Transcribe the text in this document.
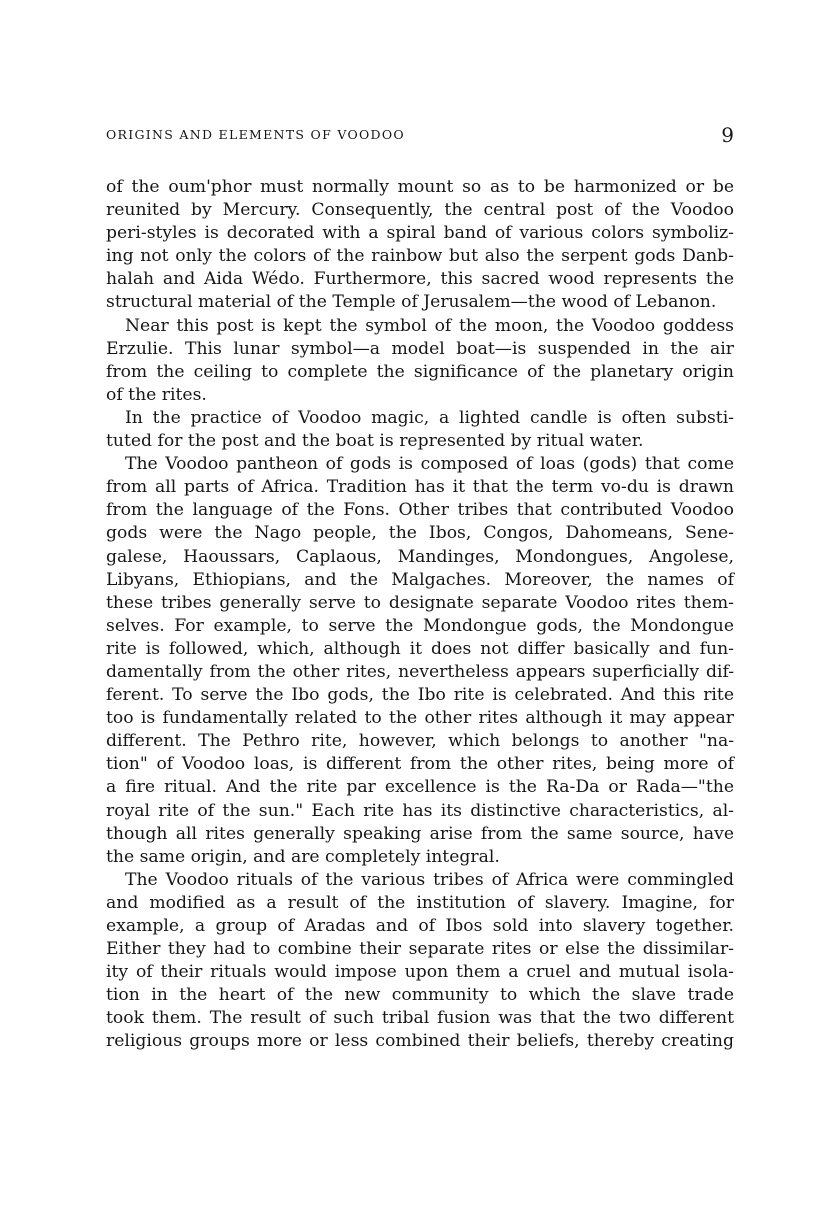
ORIGINS AND ELEMENTS OF VOODOO	9
of the oum'phor must normally mount so as to be harmonized or be
reunited by Mercury. Consequently, the central post of the Voodoo
peri-styles is decorated with a spiral band of various colors symboliz-
ing not only the colors of the rainbow but also the serpent gods Danb-
halah and Aida Wédo. Furthermore, this sacred wood represents the
structural material of the Temple of Jerusalem—the wood of Lebanon.
Near this post is kept the symbol of the moon, the Voodoo goddess
Erzulie. This lunar symbol—a model boat—is suspended in the air
from the ceiling to complete the significance of the planetary origin
of the rites.
In the practice of Voodoo magic, a lighted candle is often substi-
tuted for the post and the boat is represented by ritual water.
The Voodoo pantheon of gods is composed of loas (gods) that come
from all parts of Africa. Tradition has it that the term vo-du is drawn
from the language of the Fons. Other tribes that contributed Voodoo
gods were the Nago people, the Ibos, Congos, Dahomeans, Sene-
galese, Haoussars, Caplaous, Mandinges, Mondongues, Angolese,
Libyans, Ethiopians, and the Malgaches. Moreover, the names of
these tribes generally serve to designate separate Voodoo rites them-
selves. For example, to serve the Mondongue gods, the Mondongue
rite is followed, which, although it does not differ basically and fun-
damentally from the other rites, nevertheless appears superficially dif-
ferent. To serve the Ibo gods, the Ibo rite is celebrated. And this rite
too is fundamentally related to the other rites although it may appear
different. The Pethro rite, however, which belongs to another "na-
tion" of Voodoo loas, is different from the other rites, being more of
a fire ritual. And the rite par excellence is the Ra-Da or Rada—"the
royal rite of the sun." Each rite has its distinctive characteristics, al-
though all rites generally speaking arise from the same source, have
the same origin, and are completely integral.
The Voodoo rituals of the various tribes of Africa were commingled
and modified as a result of the institution of slavery. Imagine, for
example, a group of Aradas and of Ibos sold into slavery together.
Either they had to combine their separate rites or else the dissimilar-
ity of their rituals would impose upon them a cruel and mutual isola-
tion in the heart of the new community to which the slave trade
took them. The result of such tribal fusion was that the two different
religious groups more or less combined their beliefs, thereby creating
